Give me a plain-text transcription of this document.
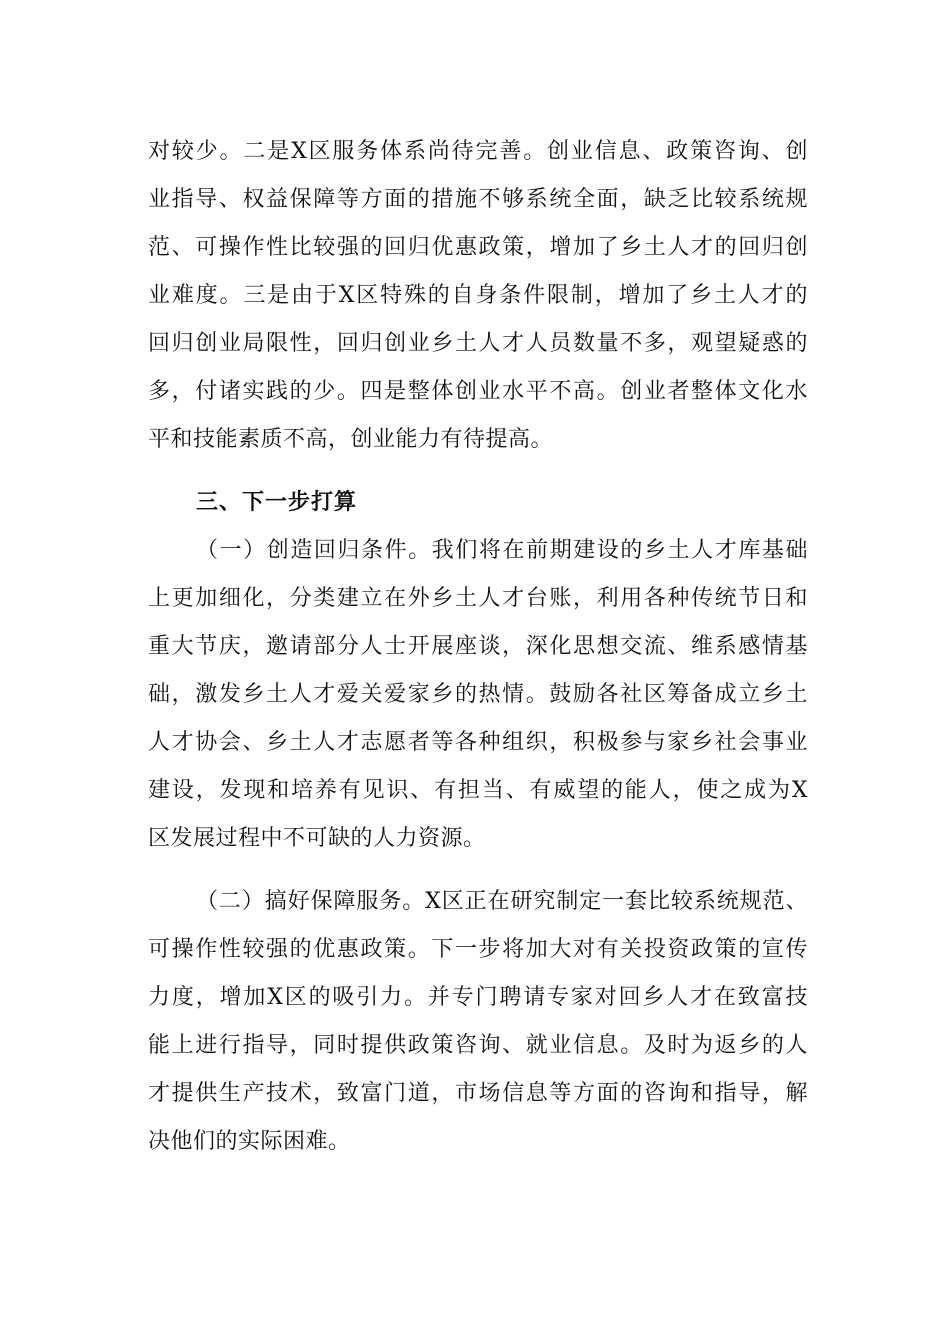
对较少。二是X区服务体系尚待完善。创业信息、政策咨询、创
业指导、权益保障等方面的措施不够系统全面，缺乏比较系统规
范、可操作性比较强的回归优惠政策，增加了乡土人才的回归创
业难度。三是由于X区特殊的自身条件限制，增加了乡土人才的
回归创业局限性，回归创业乡土人才人员数量不多，观望疑惑的
多，付诸实践的少。四是整体创业水平不高。创业者整体文化水
平和技能素质不高，创业能力有待提高。
三、下一步打算
（一）创造回归条件。我们将在前期建设的乡土人才库基础
上更加细化，分类建立在外乡土人才台账，利用各种传统节日和
重大节庆，邀请部分人士开展座谈，深化思想交流、维系感情基
础，激发乡土人才爱关爱家乡的热情。鼓励各社区筹备成立乡土
人才协会、乡土人才志愿者等各种组织，积极参与家乡社会事业
建设，发现和培养有见识、有担当、有威望的能人，使之成为X
区发展过程中不可缺的人力资源。
（二）搞好保障服务。X区正在研究制定一套比较系统规范、
可操作性较强的优惠政策。下一步将加大对有关投资政策的宣传
力度，增加X区的吸引力。并专门聘请专家对回乡人才在致富技
能上进行指导，同时提供政策咨询、就业信息。及时为返乡的人
才提供生产技术，致富门道，市场信息等方面的咨询和指导，解
决他们的实际困难。
